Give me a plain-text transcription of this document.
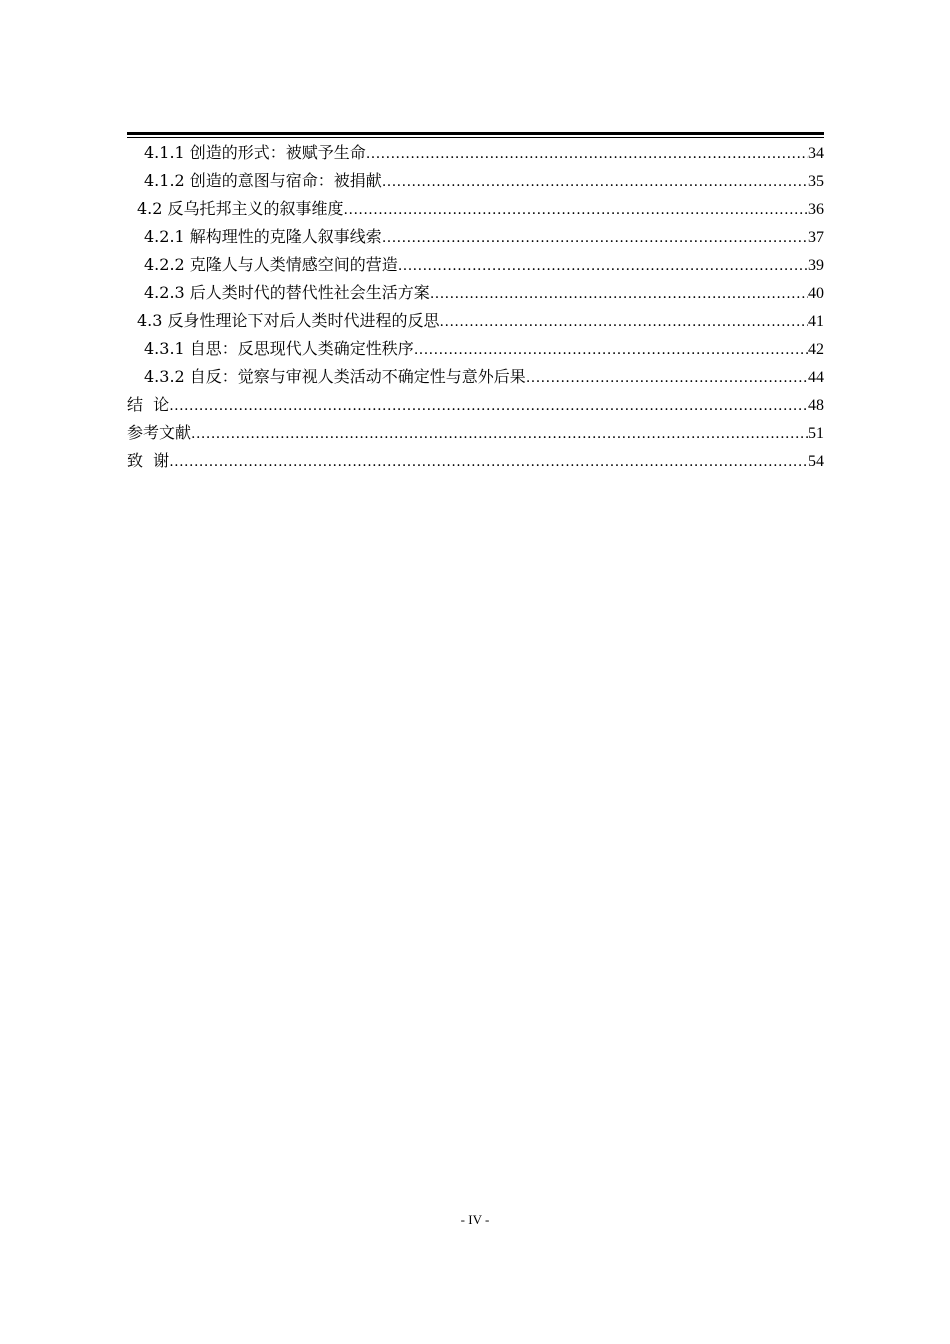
4.1.1 创造的形式：被赋予生命 .....	34
4.1.2 创造的意图与宿命：被捐献 .....	35
4.2 反乌托邦主义的叙事维度 .....	36
4.2.1 解构理性的克隆人叙事线索 .....	37
4.2.2 克隆人与人类情感空间的营造 .....	39
4.2.3 后人类时代的替代性社会生活方案 .....	40
4.3 反身性理论下对后人类时代进程的反思 .....	41
4.3.1 自思：反思现代人类确定性秩序 .....	42
4.3.2 自反：觉察与审视人类活动不确定性与意外后果 .....	44
结  论 .....	48
参考文献 .....	51
致  谢 .....	54
- IV -
